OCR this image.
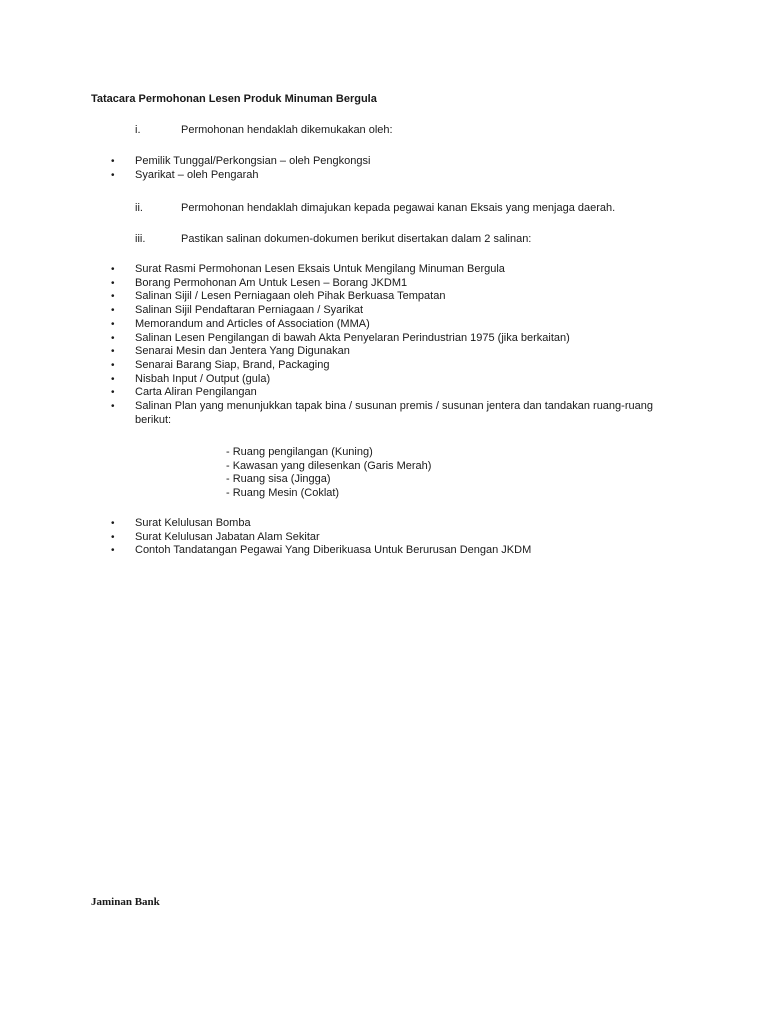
Tatacara Permohonan Lesen Produk Minuman Bergula
i.	Permohonan hendaklah dikemukakan oleh:
• Pemilik Tunggal/Perkongsian – oleh Pengkongsi
• Syarikat – oleh Pengarah
ii.	Permohonan hendaklah dimajukan kepada pegawai kanan Eksais yang menjaga daerah.
iii.	Pastikan salinan dokumen-dokumen berikut disertakan dalam 2 salinan:
• Surat Rasmi Permohonan Lesen Eksais Untuk Mengilang Minuman Bergula
• Borang Permohonan Am Untuk Lesen – Borang JKDM1
• Salinan Sijil / Lesen Perniagaan oleh Pihak Berkuasa Tempatan
• Salinan Sijil Pendaftaran Perniagaan / Syarikat
• Memorandum and Articles of Association (MMA)
• Salinan Lesen Pengilangan di bawah Akta Penyelaran Perindustrian 1975 (jika berkaitan)
• Senarai Mesin dan Jentera Yang Digunakan
• Senarai Barang Siap, Brand, Packaging
• Nisbah Input / Output (gula)
• Carta Aliran Pengilangan
• Salinan Plan yang menunjukkan tapak bina / susunan premis / susunan jentera dan tandakan ruang-ruang berikut:
- Ruang pengilangan (Kuning)
- Kawasan yang dilesenkan (Garis Merah)
- Ruang sisa (Jingga)
- Ruang Mesin (Coklat)
• Surat Kelulusan Bomba
• Surat Kelulusan Jabatan Alam Sekitar
• Contoh Tandatangan Pegawai Yang Diberikuasa Untuk Berurusan Dengan JKDM
Jaminan Bank
